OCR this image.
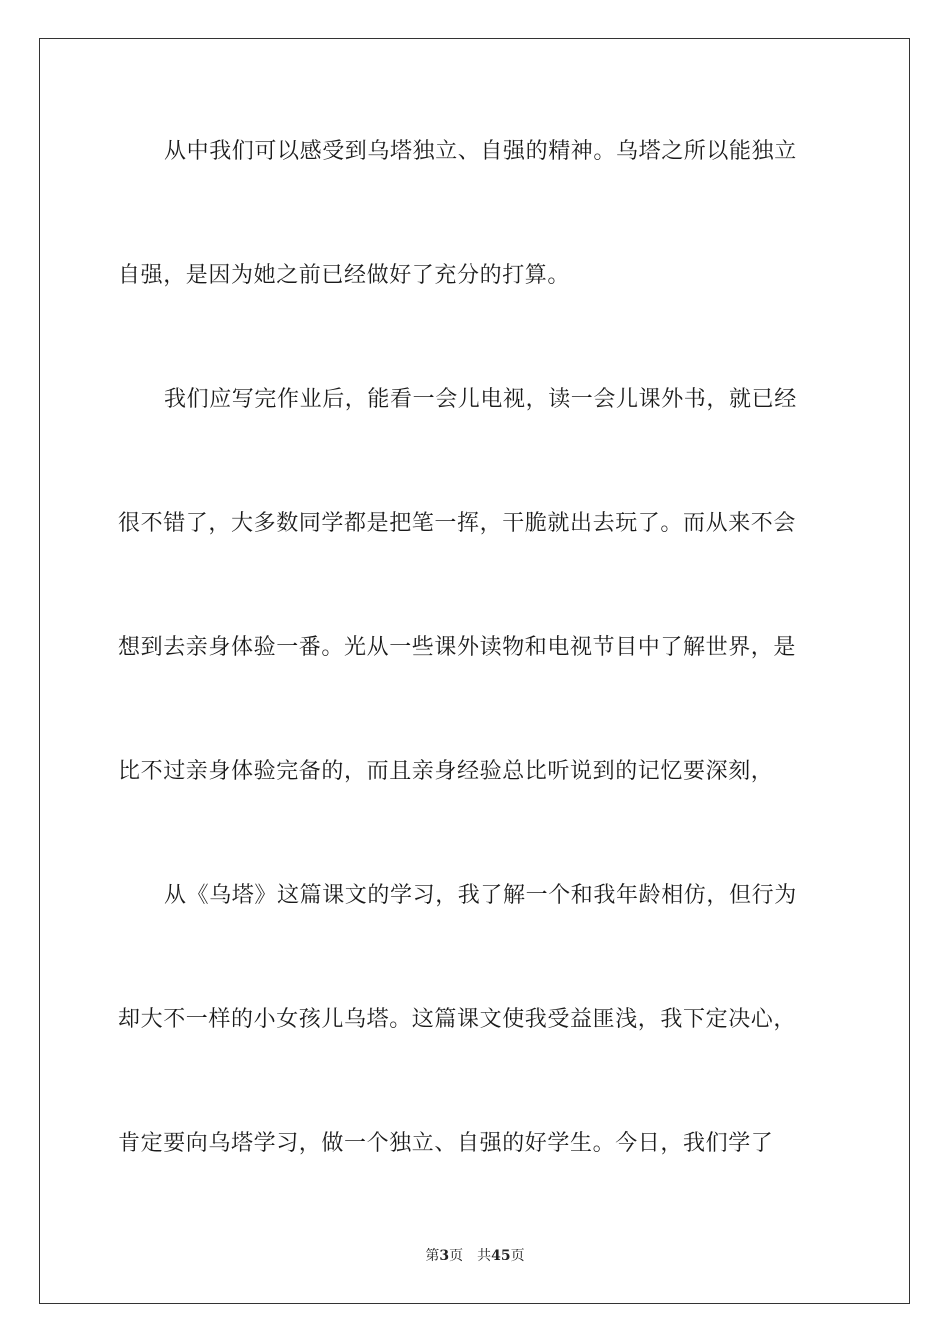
从中我们可以感受到乌塔独立、自强的精神。乌塔之所以能独立
自强，是因为她之前已经做好了充分的打算。
我们应写完作业后，能看一会儿电视，读一会儿课外书，就已经
很不错了，大多数同学都是把笔一挥，干脆就出去玩了。而从来不会
想到去亲身体验一番。光从一些课外读物和电视节目中了解世界，是
比不过亲身体验完备的，而且亲身经验总比听说到的记忆要深刻，
从《乌塔》这篇课文的学习，我了解一个和我年龄相仿，但行为
却大不一样的小女孩儿乌塔。这篇课文使我受益匪浅，我下定决心，
肯定要向乌塔学习，做一个独立、自强的好学生。今日，我们学了
第3页 共45页
